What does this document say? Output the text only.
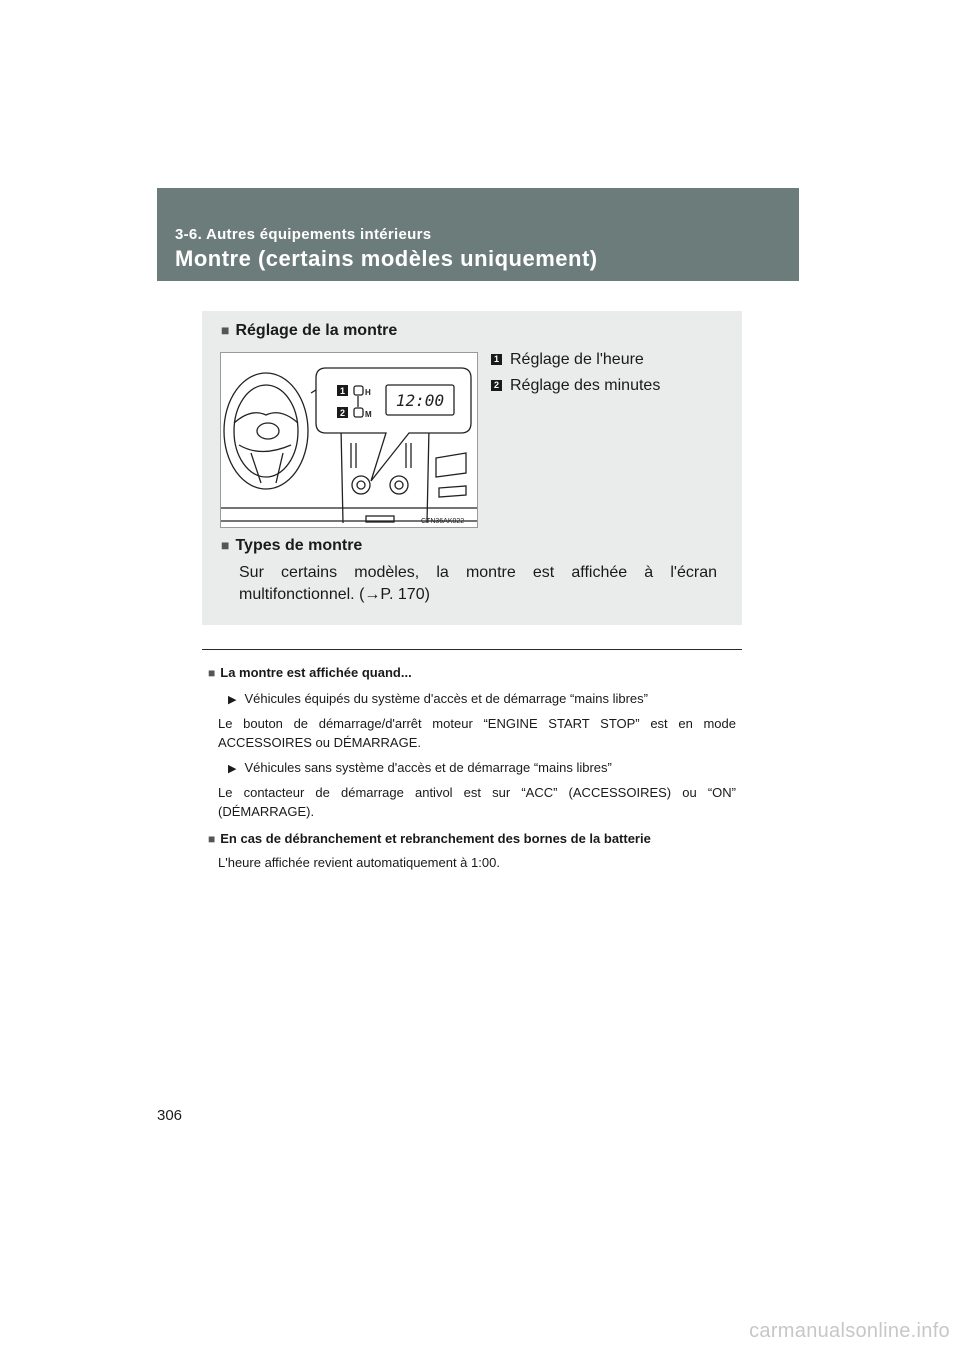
3-6. Autres équipements intérieurs
Montre (certains modèles uniquement)
■ Réglage de la montre
1
2
H
M
12:00
CTN36AK022
1 Réglage de l'heure
2 Réglage des minutes
■ Types de montre
Sur certains modèles, la montre est affichée à l'écran multifonctionnel. (→P. 170)
■ La montre est affichée quand...
▶ Véhicules équipés du système d'accès et de démarrage “mains libres”
Le bouton de démarrage/d'arrêt moteur “ENGINE START STOP” est en mode ACCESSOIRES ou DÉMARRAGE.
▶ Véhicules sans système d'accès et de démarrage “mains libres”
Le contacteur de démarrage antivol est sur “ACC” (ACCESSOIRES) ou “ON” (DÉMARRAGE).
■ En cas de débranchement et rebranchement des bornes de la batterie
L'heure affichée revient automatiquement à 1:00.
306
carmanualsonline.info
